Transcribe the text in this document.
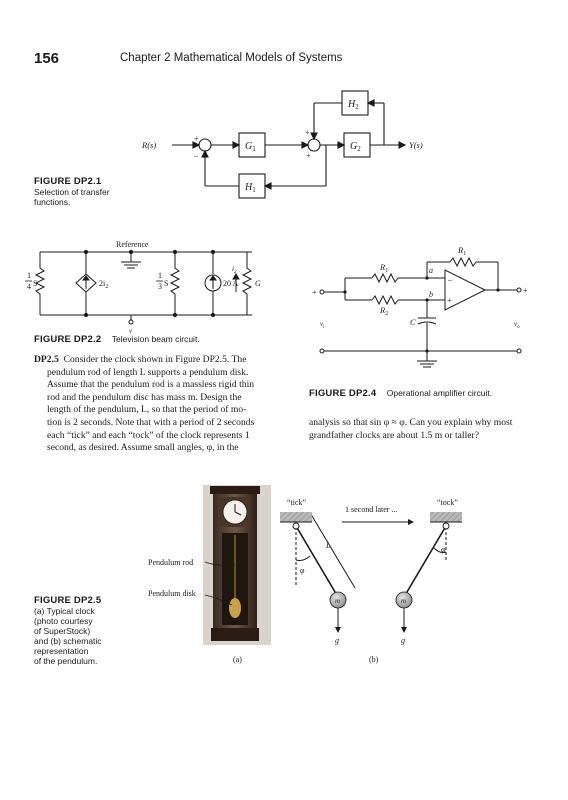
156	Chapter 2 Mathematical Models of Systems
FIGURE DP2.1
Selection of transfer
functions.
R(s)	Y(s)
$G_1$	$G_2$
$H_2$
$H_1$
+
–
+
+
Reference
1
4 S	$2i_2$
1
3 S	20 A
$i_2$
G
v
FIGURE DP2.2 Television beam circuit.
$R_1$
$R_1$
$R_2$
a
b
C
–
+
+	+
$v_i$	$v_o$
FIGURE DP2.4 Operational amplifier circuit.

DP2.5 Consider the clock shown in Figure DP2.5. The

pendulum rod of length L supports a pendulum disk.

Assume that the pendulum rod is a massless rigid thin

rod and the pendulum disc has mass m. Design the

length of the pendulum, L, so that the period of mo-

tion is 2 seconds. Note that with a period of 2 seconds

each “tick” and each “tock” of the clock represents 1

second, as desired. Assume small angles, φ, in the

analysis so that sin φ ≈ φ. Can you explain why most

grandfather clocks are about 1.5 m or taller?

FIGURE DP2.5
(a) Typical clock
(photo courtesy
of SuperStock)
and (b) schematic
representation
of the pendulum.
Pendulum rod
Pendulum disk
(a)
“tick”	“tock”
1 second later ...
φ
φ
L
m	m
g	g
(b)
